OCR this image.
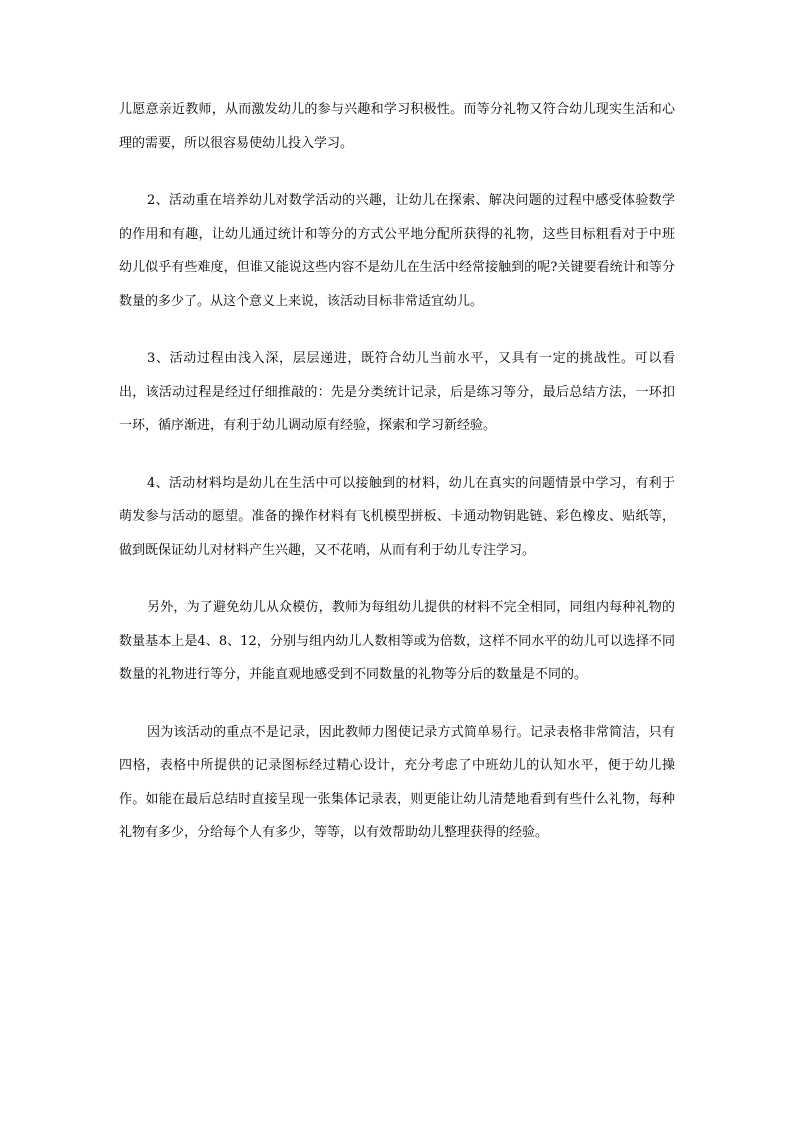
儿愿意亲近教师，从而激发幼儿的参与兴趣和学习积极性。而等分礼物又符合幼儿现实生活和心理的需要，所以很容易使幼儿投入学习。

2、活动重在培养幼儿对数学活动的兴趣，让幼儿在探索、解决问题的过程中感受体验数学的作用和有趣，让幼儿通过统计和等分的方式公平地分配所获得的礼物，这些目标粗看对于中班幼儿似乎有些难度，但谁又能说这些内容不是幼儿在生活中经常接触到的呢?关键要看统计和等分数量的多少了。从这个意义上来说，该活动目标非常适宜幼儿。

3、活动过程由浅入深，层层递进，既符合幼儿当前水平，又具有一定的挑战性。可以看出，该活动过程是经过仔细推敲的：先是分类统计记录，后是练习等分，最后总结方法，一环扣一环，循序渐进，有利于幼儿调动原有经验，探索和学习新经验。

4、活动材料均是幼儿在生活中可以接触到的材料，幼儿在真实的问题情景中学习，有利于萌发参与活动的愿望。准备的操作材料有飞机模型拼板、卡通动物钥匙链、彩色橡皮、贴纸等，做到既保证幼儿对材料产生兴趣，又不花哨，从而有利于幼儿专注学习。

另外，为了避免幼儿从众模仿，教师为每组幼儿提供的材料不完全相同，同组内每种礼物的数量基本上是4、8、12，分别与组内幼儿人数相等或为倍数，这样不同水平的幼儿可以选择不同数量的礼物进行等分，并能直观地感受到不同数量的礼物等分后的数量是不同的。

因为该活动的重点不是记录，因此教师力图使记录方式简单易行。记录表格非常简洁，只有四格，表格中所提供的记录图标经过精心设计，充分考虑了中班幼儿的认知水平，便于幼儿操作。如能在最后总结时直接呈现一张集体记录表，则更能让幼儿清楚地看到有些什么礼物，每种礼物有多少，分给每个人有多少，等等，以有效帮助幼儿整理获得的经验。
